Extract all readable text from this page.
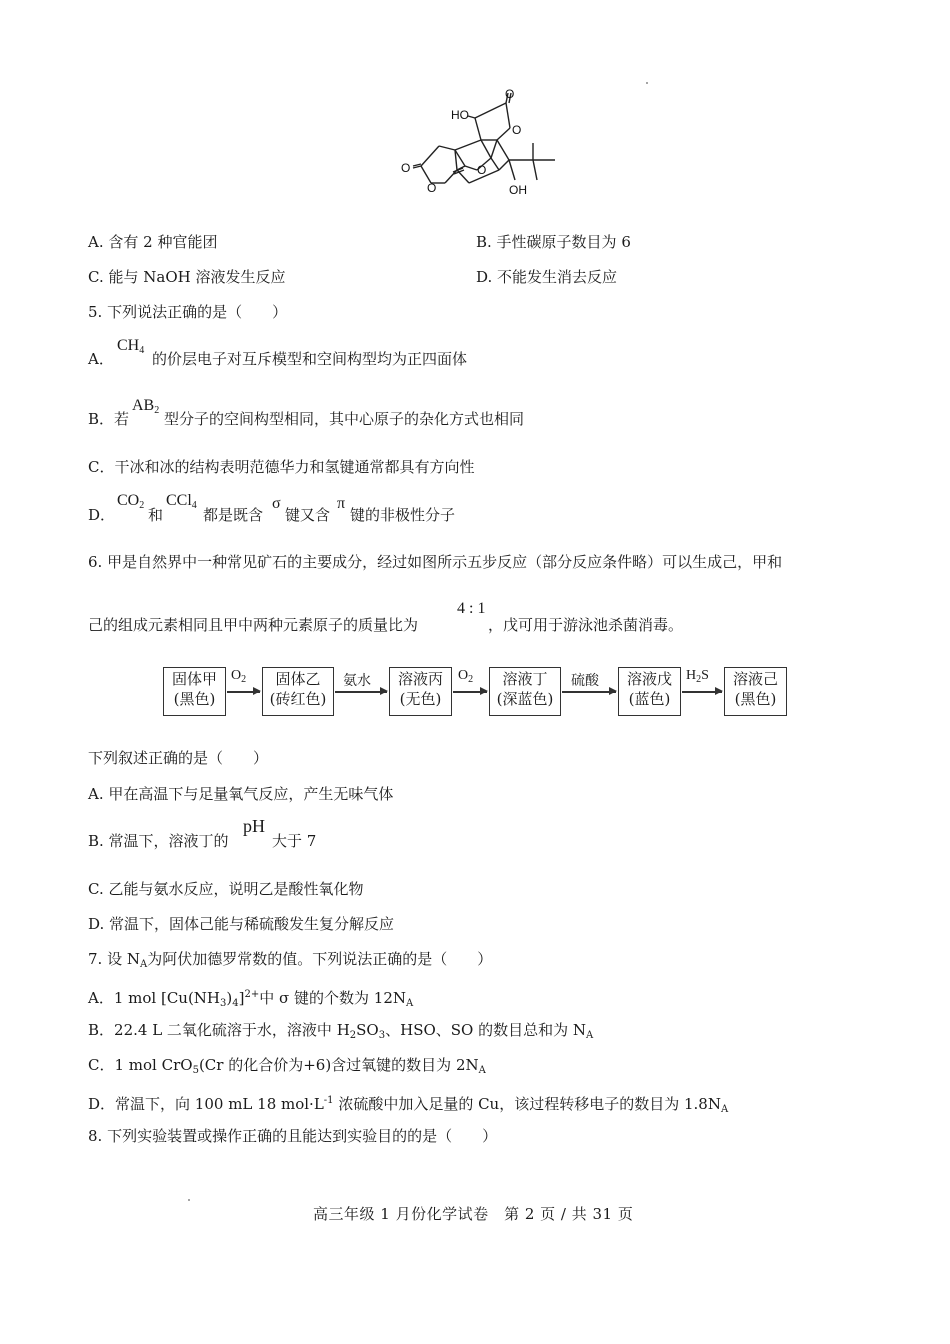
HO
O
O
O
O
O
OH
A. 含有 2 种官能团	B. 手性碳原子数目为 6
C. 能与 NaOH 溶液发生反应	D. 不能发生消去反应
5. 下列说法正确的是（　　）
A．
$CH_4$ 的价层电子对互斥模型和空间构型均为正四面体
B．若
$AB_2$ 型分子的空间构型相同，其中心原子的杂化方式也相同
C．干冰和冰的结构表明范德华力和氢键通常都具有方向性
D．
$CO_2$
和
CCl$_4$
都是既含
σ
键又含
π
键的非极性分子
6. 甲是自然界中一种常见矿石的主要成分，经过如图所示五步反应（部分反应条件略）可以生成己，甲和
己的组成元素相同且甲中两种元素原子的质量比为
4 : 1
，戊可用于游泳池杀菌消毒。
固体甲
(黑色)
固体乙
(砖红色)
溶液丙
(无色)
溶液丁
(深蓝色)
溶液戊
(蓝色)
溶液己
(黑色)
$O_2$	氨水	$O_2$	硫酸	$H_2S$
下列叙述正确的是（　　）
A. 甲在高温下与足量氧气反应，产生无味气体
B. 常温下，溶液丁的
pH
大于 7
C. 乙能与氨水反应，说明乙是酸性氧化物
D. 常温下，固体己能与稀硫酸发生复分解反应
7. 设 $N_A$为阿伏加德罗常数的值。下列说法正确的是（　　）
A．1 mol $[Cu(NH_3)_4]^{2+}$中 σ 键的个数为 $12N_A$
B．22.4 L 二氧化硫溶于水，溶液中 $H_2SO_3$、HSO、SO 的数目总和为 $N_A$
C．1 mol CrO$_5$(Cr 的化合价为+6)含过氧键的数目为 $2N_A$
D．常温下，向 100 mL 18 $mol\cdot L^{-1}$ 浓硫酸中加入足量的 Cu，该过程转移电子的数目为 $1.8N_A$
8. 下列实验装置或操作正确的且能达到实验目的的是（　　）
高三年级 1 月份化学试卷　第 2 页 / 共 31 页
